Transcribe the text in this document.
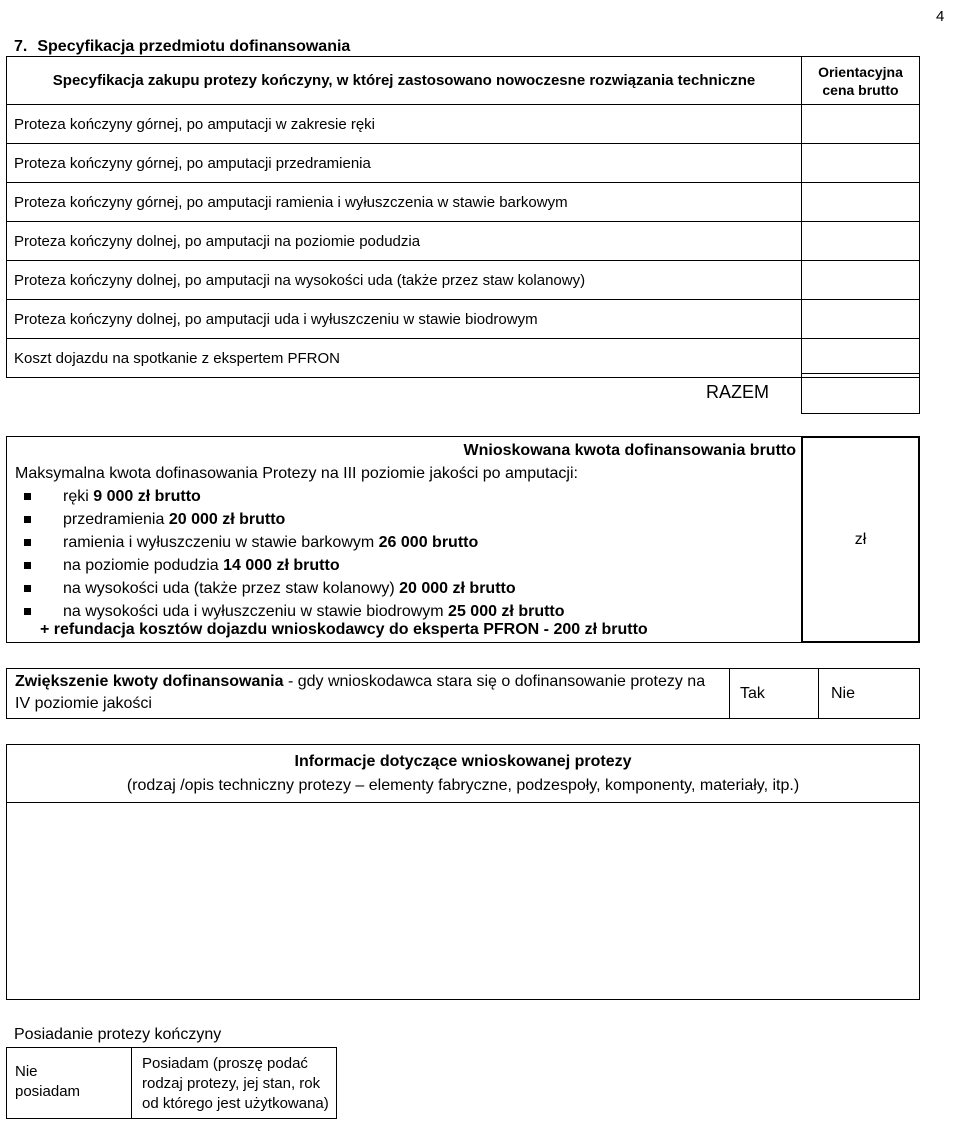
4
7. Specyfikacja przedmiotu dofinansowania
Specyfikacja zakupu protezy kończyny, w której zastosowano nowoczesne rozwiązania techniczne
Orientacyjna
cena brutto
Proteza kończyny górnej, po amputacji w zakresie ręki
Proteza kończyny górnej, po amputacji przedramienia
Proteza kończyny górnej, po amputacji ramienia i wyłuszczenia w stawie barkowym
Proteza kończyny dolnej, po amputacji na poziomie podudzia
Proteza kończyny dolnej, po amputacji na wysokości uda (także przez staw kolanowy)
Proteza kończyny dolnej, po amputacji uda i wyłuszczeniu w stawie biodrowym
Koszt dojazdu na spotkanie z ekspertem PFRON
RAZEM
Wnioskowana kwota dofinansowania brutto
Maksymalna kwota dofinasowania Protezy na III poziomie jakości po amputacji:
ręki 9 000 zł brutto
przedramienia 20 000 zł brutto
ramienia i wyłuszczeniu w stawie barkowym 26 000 brutto
na poziomie podudzia 14 000 zł brutto
na wysokości uda (także przez staw kolanowy) 20 000 zł brutto
na wysokości uda i wyłuszczeniu w stawie biodrowym 25 000 zł brutto
+ refundacja kosztów dojazdu wnioskodawcy do eksperta PFRON - 200 zł brutto
zł
Zwiększenie kwoty dofinansowania - gdy wnioskodawca stara się o dofinansowanie protezy na IV poziomie jakości
Tak	Nie
Informacje dotyczące wnioskowanej protezy
(rodzaj /opis techniczny protezy – elementy fabryczne, podzespoły, komponenty, materiały, itp.)
Posiadanie protezy kończyny
Nie
posiadam
Posiadam (proszę podać
rodzaj protezy, jej stan, rok
od którego jest użytkowana)
